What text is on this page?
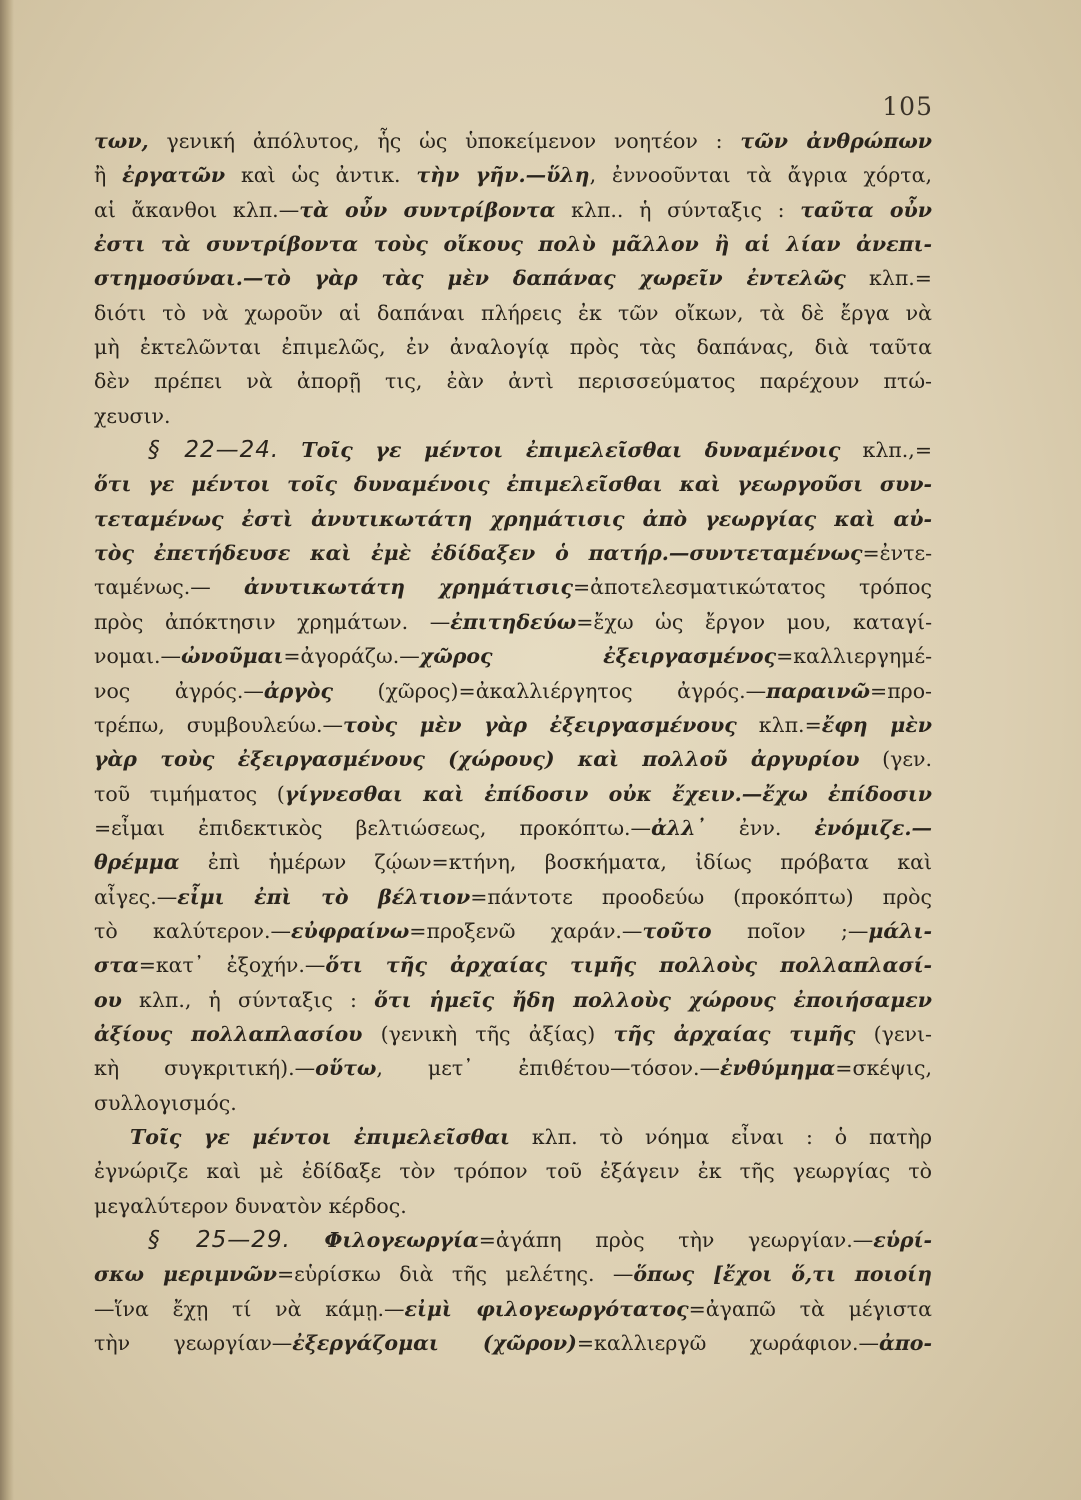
105
των, γενική ἀπόλυτος, ἧς ὡς ὑποκείμενον νοητέον : τῶν ἀνθρώπων
ἢ ἐργατῶν καὶ ὡς ἀντικ. τὴν γῆν.—ὕλη, ἐννοοῦνται τὰ ἄγρια χόρτα,
αἱ ἄκανθοι κλπ.—τὰ οὖν συντρίβοντα κλπ.. ἡ σύνταξις : ταῦτα οὖν
ἐστι τὰ συντρίβοντα τοὺς οἴκους πολὺ μᾶλλον ἢ αἱ λίαν ἀνεπι-
στημοσύναι.—τὸ γὰρ τὰς μὲν δαπάνας χωρεῖν ἐντελῶς κλπ.=
διότι τὸ νὰ χωροῦν αἱ δαπάναι πλήρεις ἐκ τῶν οἴκων, τὰ δὲ ἔργα νὰ
μὴ ἐκτελῶνται ἐπιμελῶς, ἐν ἀναλογίᾳ πρὸς τὰς δαπάνας, διὰ ταῦτα
δὲν πρέπει νὰ ἀπορῇ τις, ἐὰν ἀντὶ περισσεύματος παρέχουν πτώ-
χευσιν.
§ 22—24. Τοῖς γε μέντοι ἐπιμελεῖσθαι δυναμένοις κλπ.,=
ὅτι γε μέντοι τοῖς δυναμένοις ἐπιμελεῖσθαι καὶ γεωργοῦσι συν-
τεταμένως ἐστὶ ἀνυτικωτάτη χρημάτισις ἀπὸ γεωργίας καὶ αὐ-
τὸς ἐπετήδευσε καὶ ἐμὲ ἐδίδαξεν ὁ πατήρ.—συντεταμένως=ἐντε-
ταμένως.— ἀνυτικωτάτη χρημάτισις=ἀποτελεσματικώτατος τρόπος
πρὸς ἀπόκτησιν χρημάτων. —ἐπιτηδεύω=ἔχω ὡς ἔργον μου, καταγί-
νομαι.—ὠνοῦμαι=ἀγοράζω.—χῶρος ἐξειργασμένος=καλλιεργημέ-
νος ἀγρός.—ἀργὸς (χῶρος)=ἀκαλλιέργητος ἀγρός.—παραινῶ=προ-
τρέπω, συμβουλεύω.—τοὺς μὲν γὰρ ἐξειργασμένους κλπ.=ἔφη μὲν
γὰρ τοὺς ἐξειργασμένους (χώρους) καὶ πολλοῦ ἀργυρίου (γεν.
τοῦ τιμήματος (γίγνεσθαι καὶ ἐπίδοσιν οὐκ ἔχειν.—ἔχω ἐπίδοσιν
=εἶμαι ἐπιδεκτικὸς βελτιώσεως, προκόπτω.—ἀλλ᾽ ἐνν. ἐνόμιζε.—
θρέμμα ἐπὶ ἡμέρων ζῴων=κτήνη, βοσκήματα, ἰδίως πρόβατα καὶ
αἶγες.—εἶμι ἐπὶ τὸ βέλτιον=πάντοτε προοδεύω (προκόπτω) πρὸς
τὸ καλύτερον.—εὐφραίνω=προξενῶ χαράν.—τοῦτο ποῖον ;—μάλι-
στα=κατ᾽ ἐξοχήν.—ὅτι τῆς ἀρχαίας τιμῆς πολλοὺς πολλαπλασί-
ου κλπ., ἡ σύνταξις : ὅτι ἡμεῖς ἤδη πολλοὺς χώρους ἐποιήσαμεν
ἀξίους πολλαπλασίου (γενικὴ τῆς ἀξίας) τῆς ἀρχαίας τιμῆς (γενι-
κὴ συγκριτική).—οὕτω, μετ᾽ ἐπιθέτου—τόσον.—ἐνθύμημα=σκέψις,
συλλογισμός.
Τοῖς γε μέντοι ἐπιμελεῖσθαι κλπ. τὸ νόημα εἶναι : ὁ πατὴρ
ἐγνώριζε καὶ μὲ ἐδίδαξε τὸν τρόπον τοῦ ἐξάγειν ἐκ τῆς γεωργίας τὸ
μεγαλύτερον δυνατὸν κέρδος.
§ 25—29. Φιλογεωργία=ἀγάπη πρὸς τὴν γεωργίαν.—εὑρί-
σκω μεριμνῶν=εὑρίσκω διὰ τῆς μελέτης. —ὅπως [ἔχοι ὅ,τι ποιοίη
—ἵνα ἔχῃ τί νὰ κάμῃ.—εἰμὶ φιλογεωργότατος=ἀγαπῶ τὰ μέγιστα
τὴν γεωργίαν—ἐξεργάζομαι (χῶρον)=καλλιεργῶ χωράφιον.—ἀπο-
